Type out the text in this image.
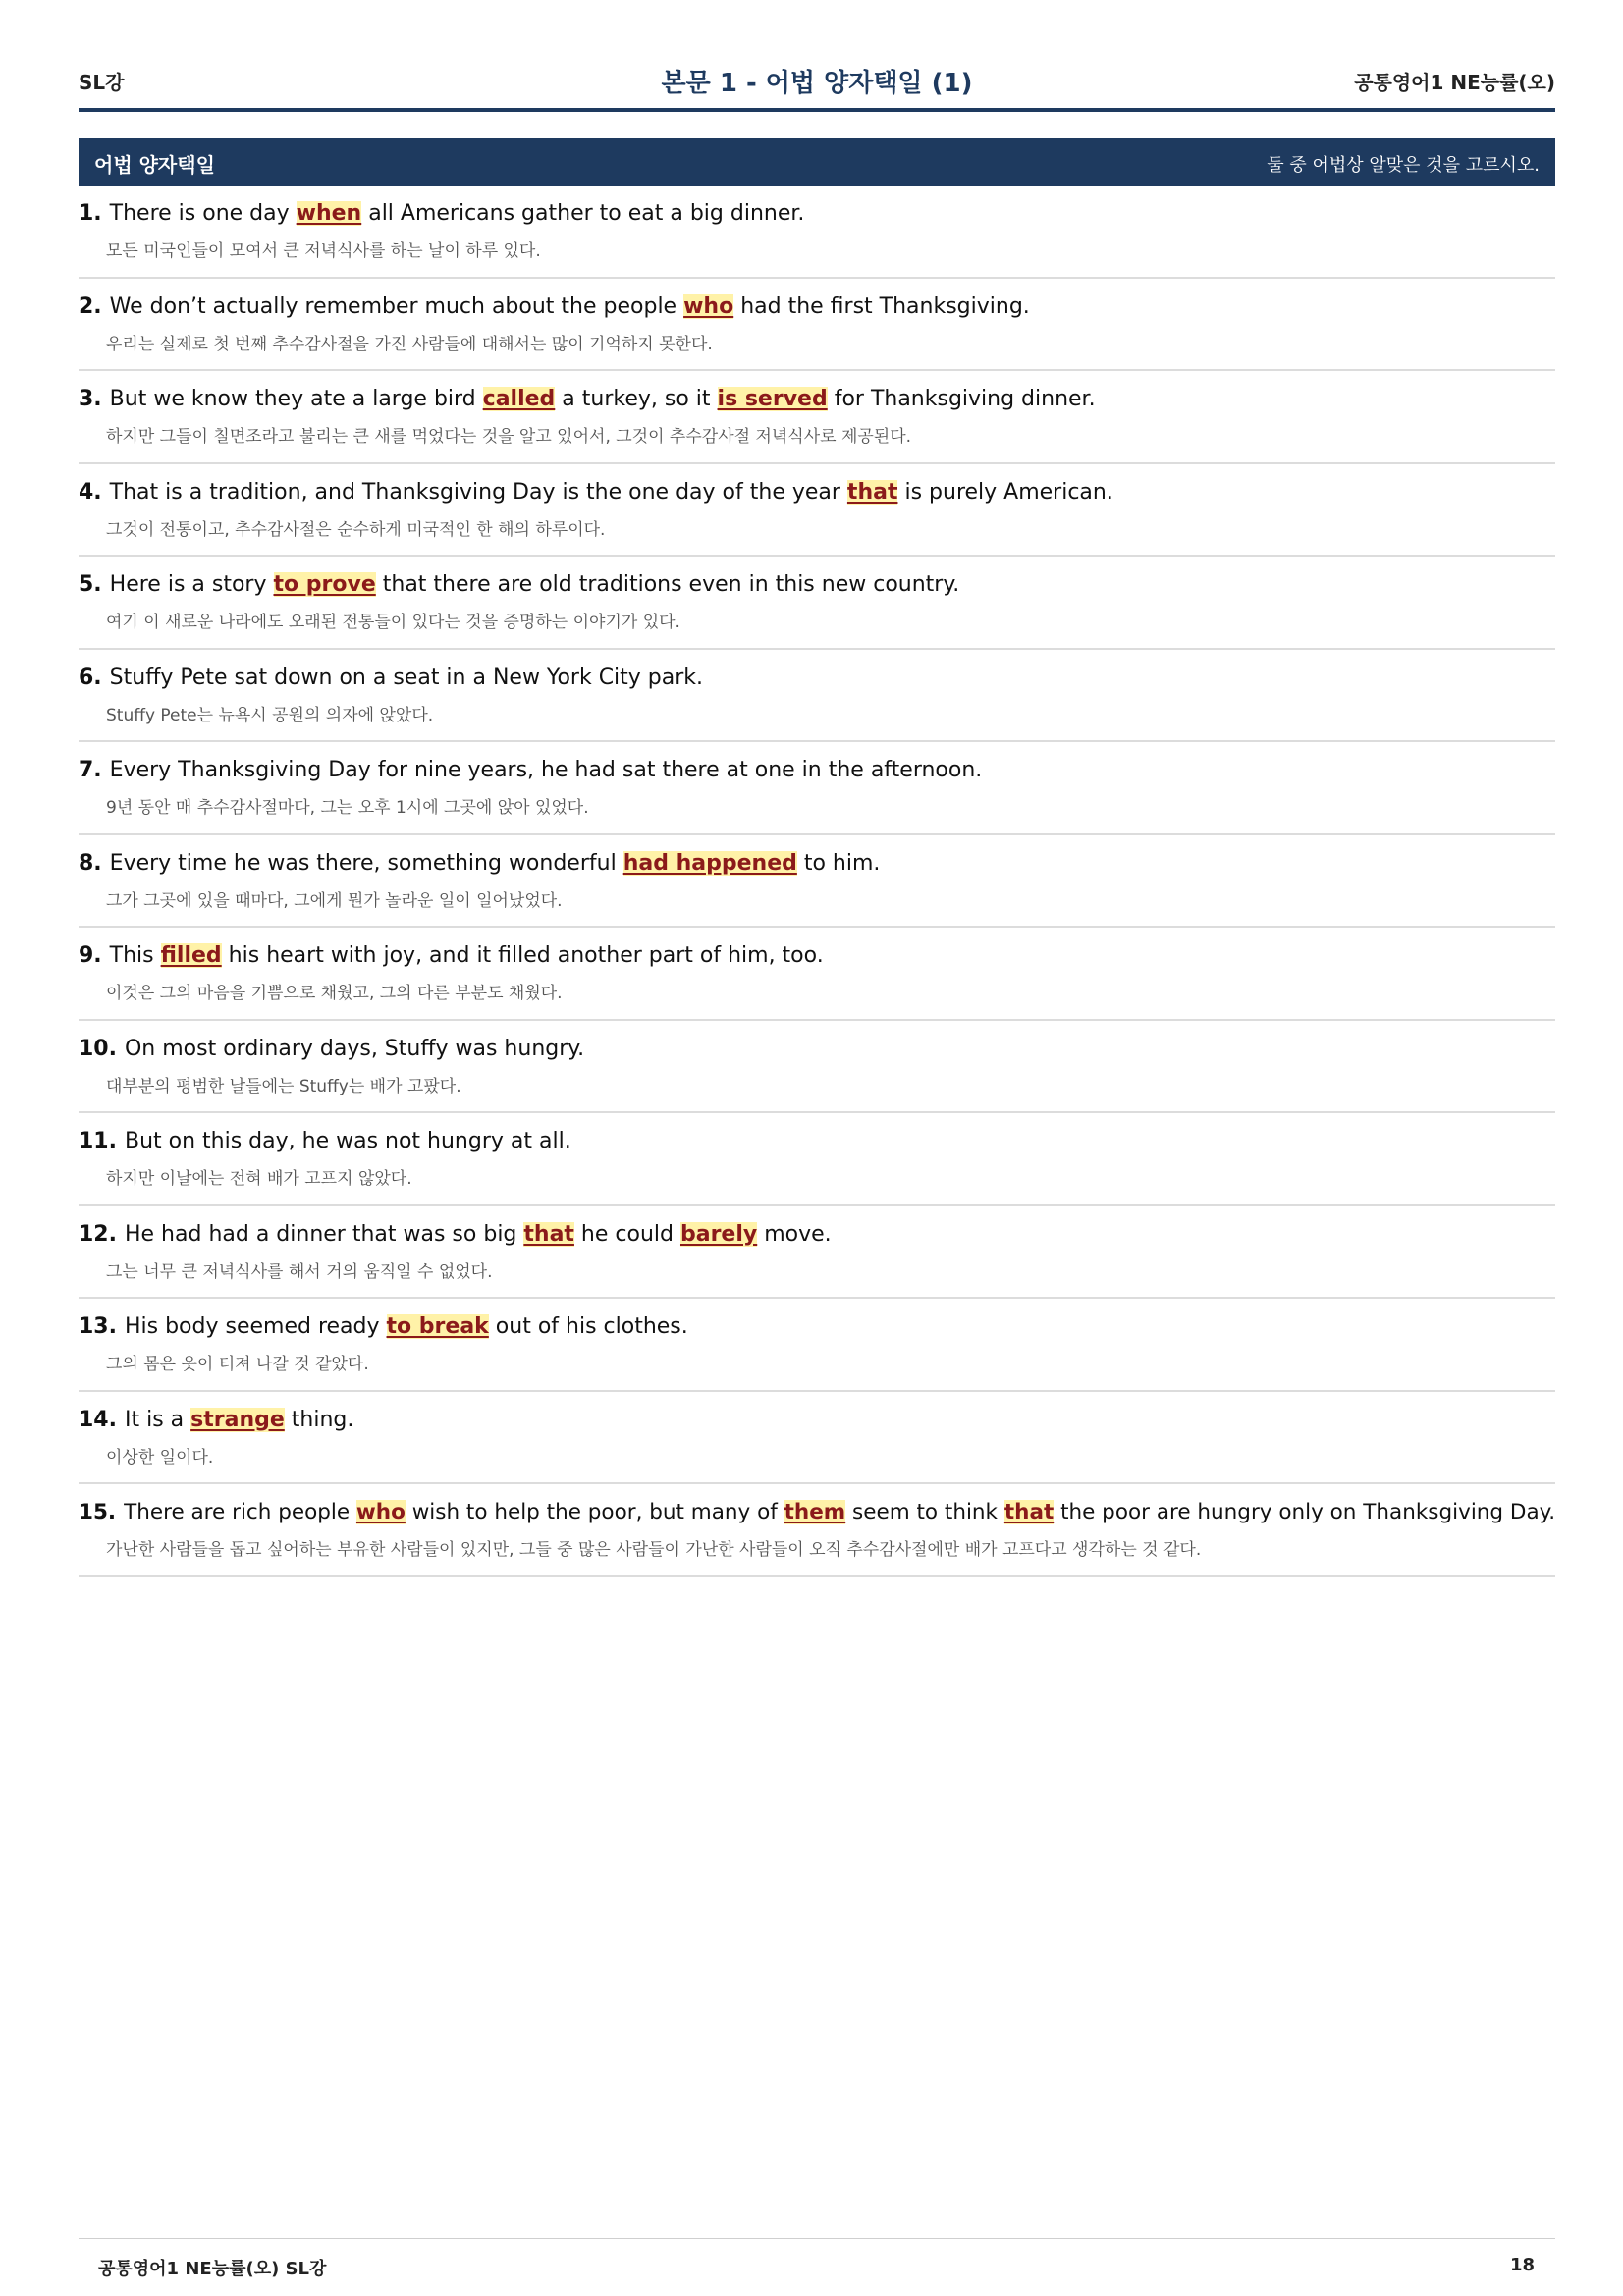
SL강	본문 1 - 어법 양자택일 (1)	공통영어1 NE능률(오)
어법 양자택일	둘 중 어법상 알맞은 것을 고르시오.
1. There is one day when all Americans gather to eat a big dinner.
모든 미국인들이 모여서 큰 저녁식사를 하는 날이 하루 있다.
2. We don’t actually remember much about the people who had the first Thanksgiving.
우리는 실제로 첫 번째 추수감사절을 가진 사람들에 대해서는 많이 기억하지 못한다.
3. But we know they ate a large bird called a turkey, so it is served for Thanksgiving dinner.
하지만 그들이 칠면조라고 불리는 큰 새를 먹었다는 것을 알고 있어서, 그것이 추수감사절 저녁식사로 제공된다.
4. That is a tradition, and Thanksgiving Day is the one day of the year that is purely American.
그것이 전통이고, 추수감사절은 순수하게 미국적인 한 해의 하루이다.
5. Here is a story to prove that there are old traditions even in this new country.
여기 이 새로운 나라에도 오래된 전통들이 있다는 것을 증명하는 이야기가 있다.
6. Stuffy Pete sat down on a seat in a New York City park.
Stuffy Pete는 뉴욕시 공원의 의자에 앉았다.
7. Every Thanksgiving Day for nine years, he had sat there at one in the afternoon.
9년 동안 매 추수감사절마다, 그는 오후 1시에 그곳에 앉아 있었다.
8. Every time he was there, something wonderful had happened to him.
그가 그곳에 있을 때마다, 그에게 뭔가 놀라운 일이 일어났었다.
9. This filled his heart with joy, and it filled another part of him, too.
이것은 그의 마음을 기쁨으로 채웠고, 그의 다른 부분도 채웠다.
10. On most ordinary days, Stuffy was hungry.
대부분의 평범한 날들에는 Stuffy는 배가 고팠다.
11. But on this day, he was not hungry at all.
하지만 이날에는 전혀 배가 고프지 않았다.
12. He had had a dinner that was so big that he could barely move.
그는 너무 큰 저녁식사를 해서 거의 움직일 수 없었다.
13. His body seemed ready to break out of his clothes.
그의 몸은 옷이 터져 나갈 것 같았다.
14. It is a strange thing.
이상한 일이다.
15. There are rich people who wish to help the poor, but many of them seem to think that the poor are hungry only on Thanksgiving Day.
가난한 사람들을 돕고 싶어하는 부유한 사람들이 있지만, 그들 중 많은 사람들이 가난한 사람들이 오직 추수감사절에만 배가 고프다고 생각하는 것 같다.
공통영어1 NE능률(오) SL강	18
